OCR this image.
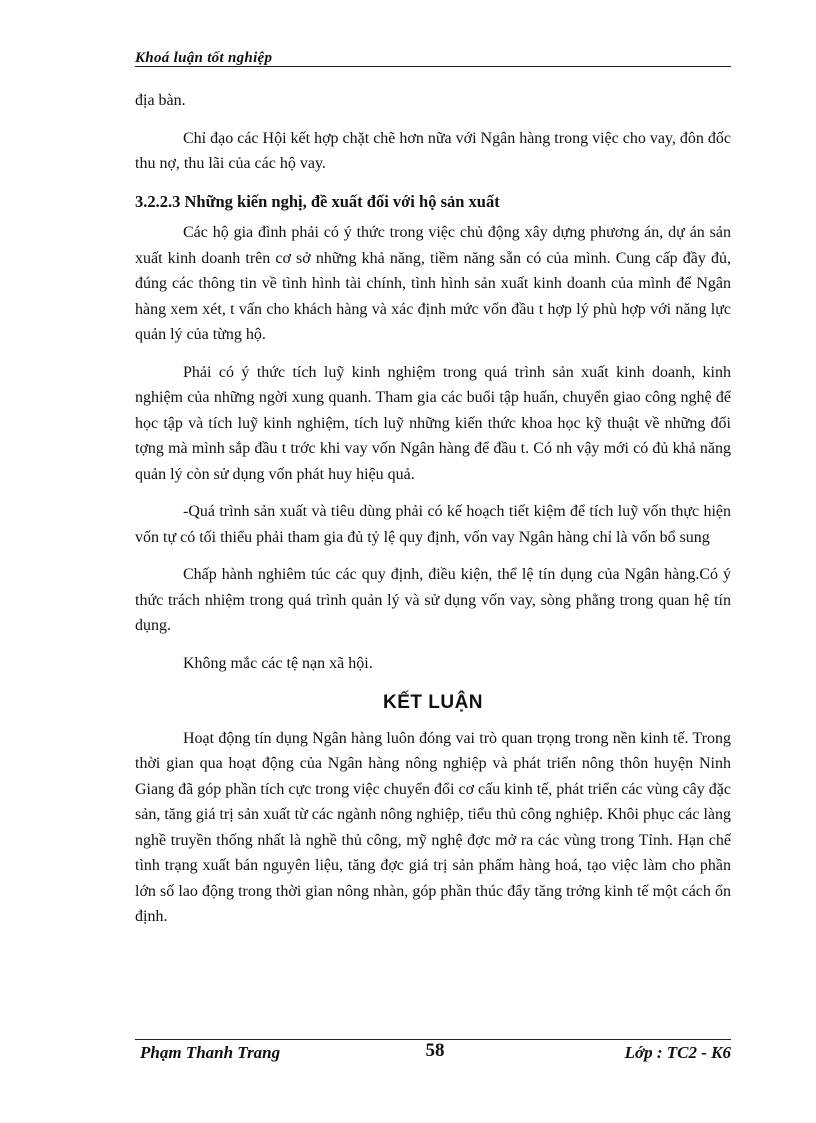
Khoá luận tốt nghiệp

địa bàn.

Chỉ đạo các Hội kết hợp chặt chẽ hơn nữa với Ngân hàng trong việc cho vay, đôn đốc thu nợ, thu lãi của các hộ vay.

3.2.2.3 Những kiến nghị, đề xuất đối với hộ sản xuất

Các hộ gia đình phải có ý thức trong việc chủ động xây dựng phương án, dự án sản xuất kinh doanh trên cơ sở những khả năng, tiềm năng sẵn có của mình. Cung cấp đầy đủ, đúng các thông tin về tình hình tài chính, tình hình sản xuất kinh doanh của mình để Ngân hàng xem xét, t vấn cho khách hàng và xác định mức vốn đầu t hợp lý phù hợp với năng lực quản lý của từng hộ.

Phải có ý thức tích luỹ kinh nghiệm trong quá trình sản xuất kinh doanh, kinh nghiệm của những ngời xung quanh. Tham gia các buổi tập huấn, chuyển giao công nghệ để học tập và tích luỹ kinh nghiệm, tích luỹ những kiến thức khoa học kỹ thuật về những đối tợng mà mình sắp đầu t trớc khi vay vốn Ngân hàng để đầu t. Có nh vậy mới có đủ khả năng quản lý còn sử dụng vốn phát huy hiệu quả.

-Quá trình sản xuất và tiêu dùng phải có kế hoạch tiết kiệm để tích luỹ vốn thực hiện vốn tự có tối thiểu phải tham gia đủ tỷ lệ quy định, vốn vay Ngân hàng chỉ là vốn bổ sung

Chấp hành nghiêm túc các quy định, điều kiện, thể lệ tín dụng của Ngân hàng.Có ý thức trách nhiệm trong quá trình quản lý và sử dụng vốn vay, sòng phẳng trong quan hệ tín dụng.

Không mắc các tệ nạn xã hội.

KẾT LUẬN

Hoạt động tín dụng Ngân hàng luôn đóng vai trò quan trọng trong nền kinh tế. Trong thời gian qua hoạt động của Ngân hàng nông nghiệp và phát triển nông thôn huyện Ninh Giang đã góp phần tích cực trong việc chuyển đổi cơ cấu kinh tế, phát triển các vùng cây đặc sản, tăng giá trị sản xuất từ các ngành nông nghiệp, tiểu thủ công nghiệp. Khôi phục các làng nghề truyền thống nhất là nghề thủ công, mỹ nghệ đợc mở ra các vùng trong Tỉnh. Hạn chế tình trạng xuất bán nguyên liệu, tăng đợc giá trị sản phẩm hàng hoá, tạo việc làm cho phần lớn số lao động trong thời gian nông nhàn, góp phần thúc đẩy tăng trởng kinh tế một cách ổn định.

Phạm Thanh Trang	58	Lớp : TC2 - K6
